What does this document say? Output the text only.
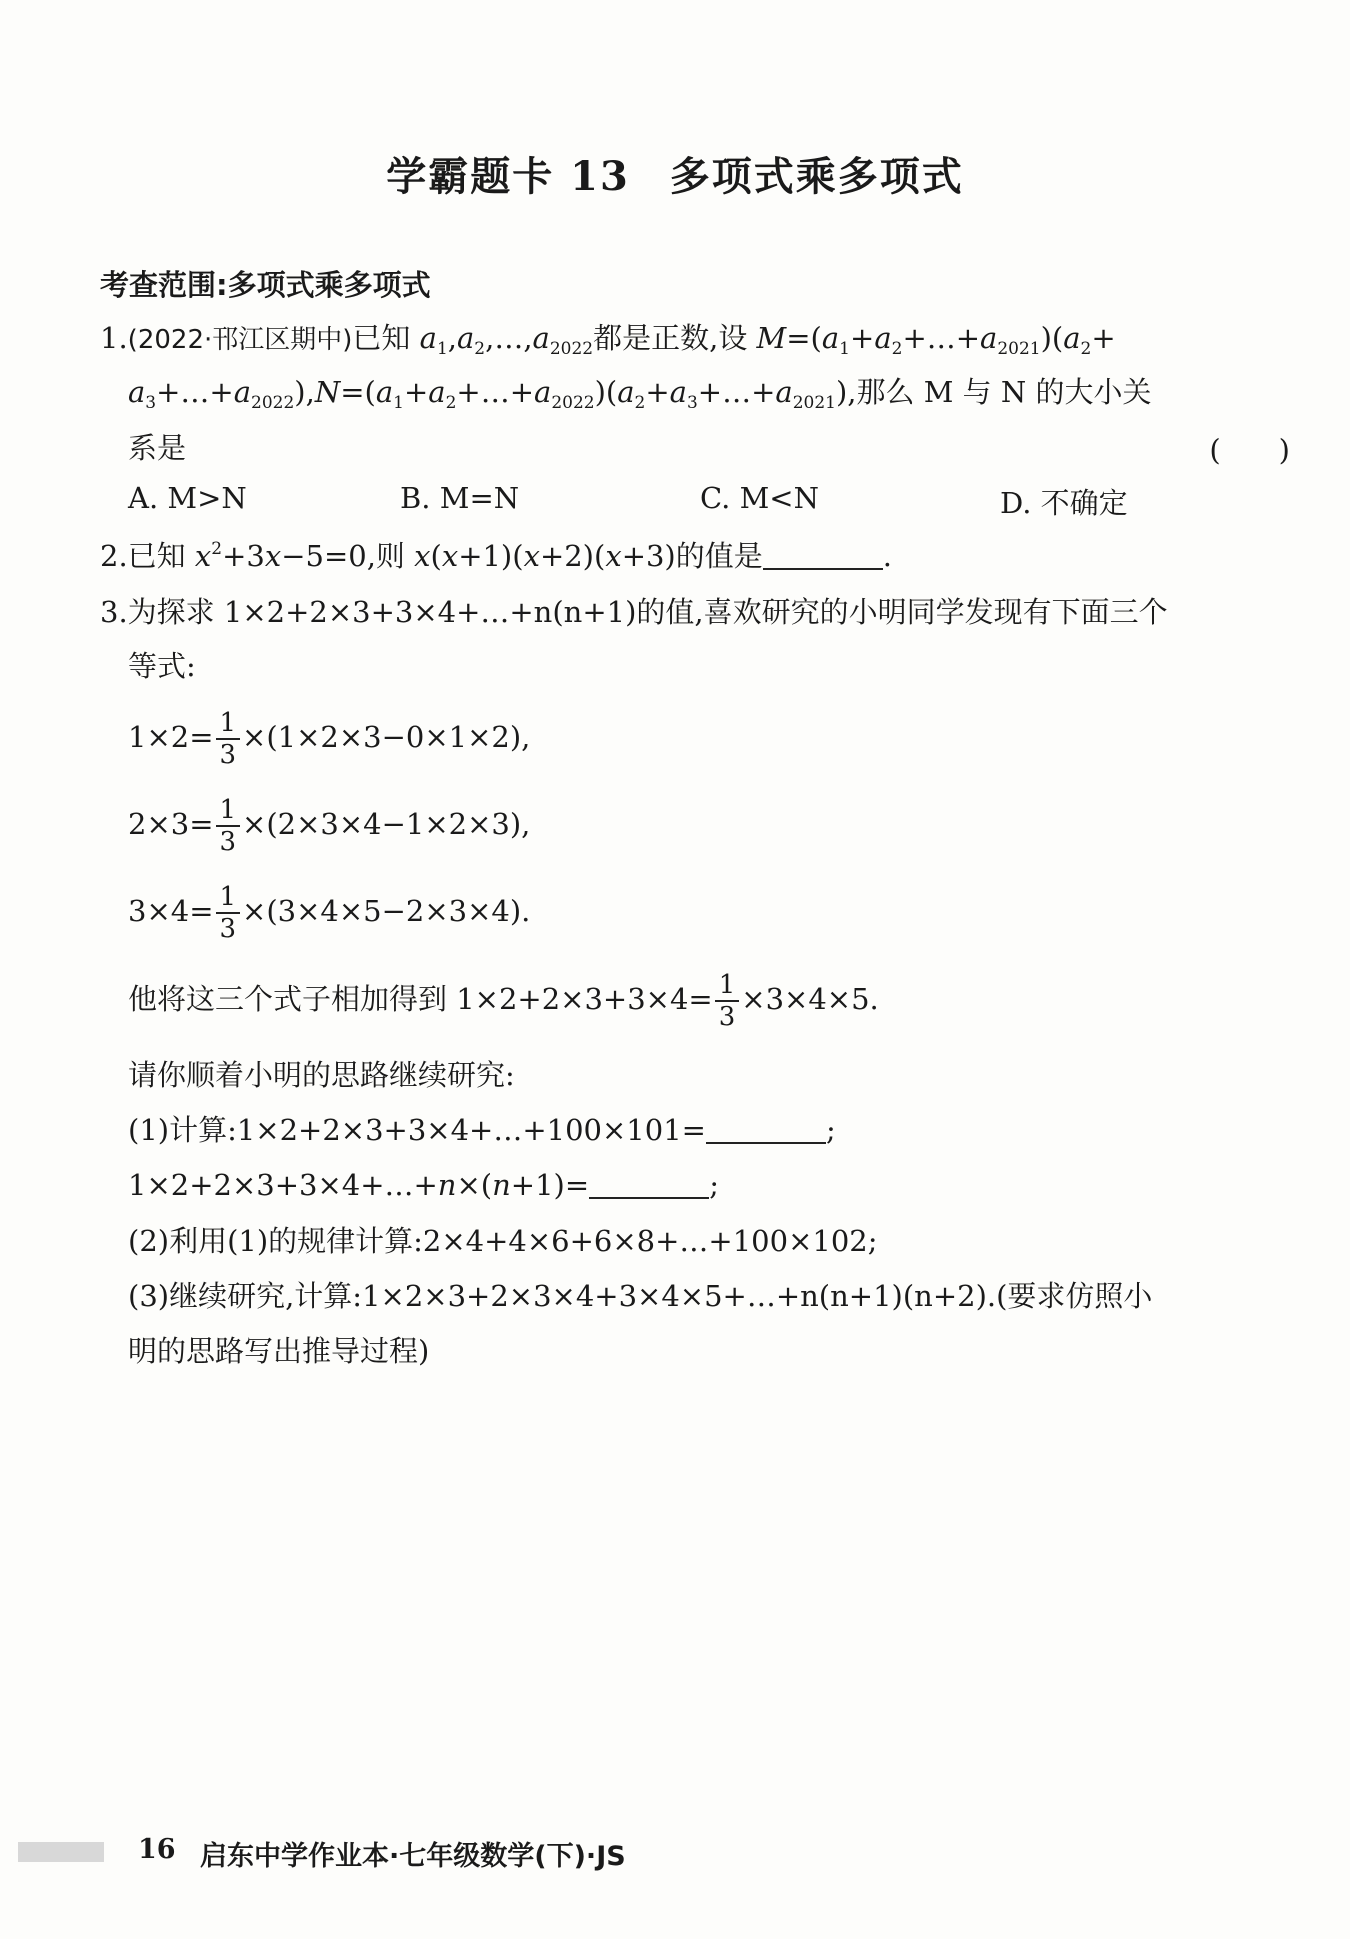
学霸题卡 13 多项式乘多项式
考查范围:多项式乘多项式
1.(2022·邗江区期中)已知 $a_1,a_2,\dots,a_{2022}$都是正数,设 $M=(a_1+a_2+\dots+a_{2021})(a_2+$
$a_3+\dots+a_{2022}),N=(a_1+a_2+\dots+a_{2022})(a_2+a_3+\dots+a_{2021})$,那么 M 与 N 的大小关
系是	(　　)
A. M>N	B. M=N	C. M<N	D. 不确定
2.已知 $x^2+3x-5=0$,则 x(x+1)(x+2)(x+3)的值是	.
3.为探求 1×2+2×3+3×4+…+n(n+1)的值,喜欢研究的小明同学发现有下面三个
等式:
$1\times 2= \frac{1}{3} \times(1\times 2\times 3-0\times 1\times 2)$,
$2\times 3= \frac{1}{3} \times(2\times 3\times 4-1\times 2\times 3)$,
$3\times 4= \frac{1}{3} \times(3\times 4\times 5-2\times 3\times 4)$.
他将这三个式子相加得到 $1\times 2+2\times 3+3\times 4= \frac{1}{3} \times 3\times 4\times 5$.
请你顺着小明的思路继续研究:
(1)计算:1×2+2×3+3×4+…+100×101=	;
1×2+2×3+3×4+…+n×(n+1)=	;
(2)利用(1)的规律计算:2×4+4×6+6×8+…+100×102;
(3)继续研究,计算:1×2×3+2×3×4+3×4×5+…+n(n+1)(n+2).(要求仿照小
明的思路写出推导过程)
16 启东中学作业本·七年级数学(下)·JS
